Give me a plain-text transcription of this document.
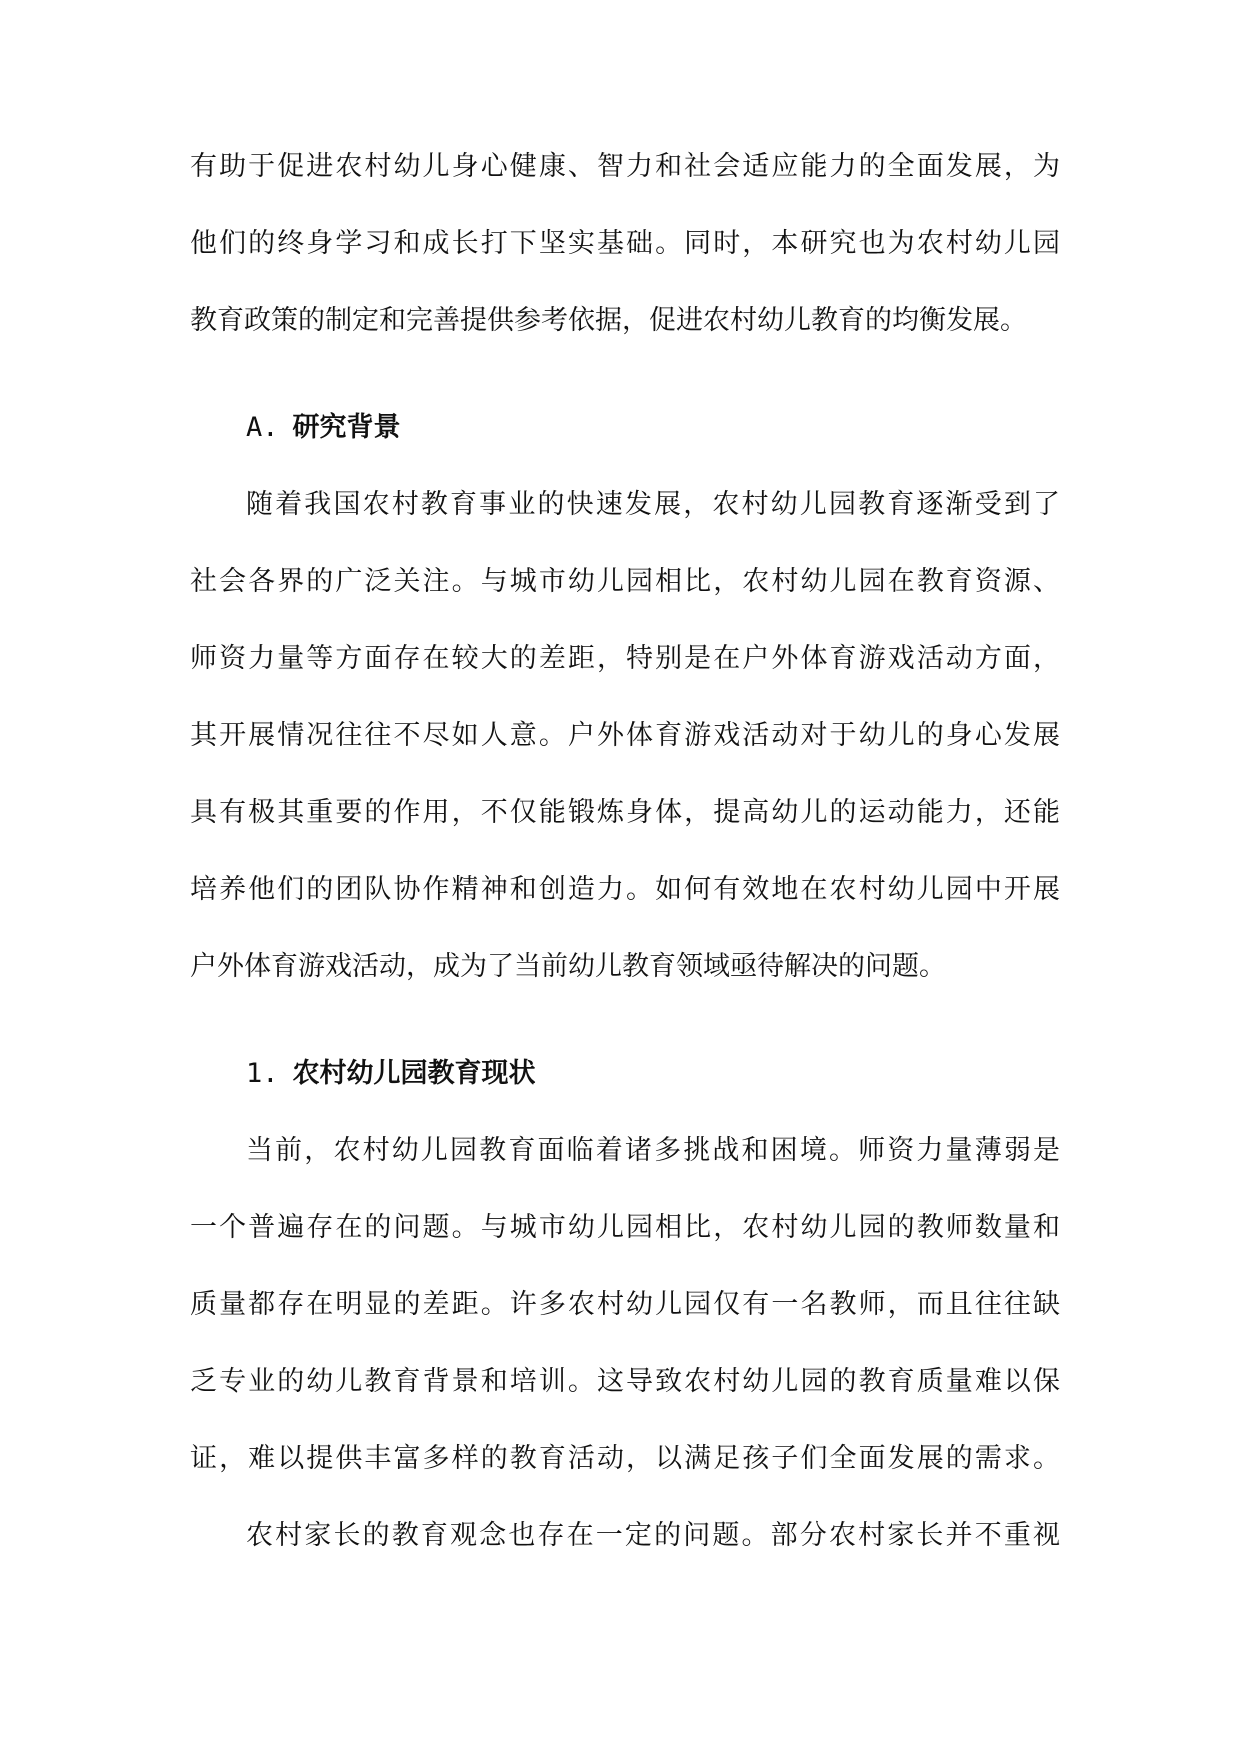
有助于促进农村幼儿身心健康、智力和社会适应能力的全面发展，为
他们的终身学习和成长打下坚实基础。同时，本研究也为农村幼儿园
教育政策的制定和完善提供参考依据，促进农村幼儿教育的均衡发展。
A. 研究背景
随着我国农村教育事业的快速发展，农村幼儿园教育逐渐受到了
社会各界的广泛关注。与城市幼儿园相比，农村幼儿园在教育资源、
师资力量等方面存在较大的差距，特别是在户外体育游戏活动方面，
其开展情况往往不尽如人意。户外体育游戏活动对于幼儿的身心发展
具有极其重要的作用，不仅能锻炼身体，提高幼儿的运动能力，还能
培养他们的团队协作精神和创造力。如何有效地在农村幼儿园中开展
户外体育游戏活动，成为了当前幼儿教育领域亟待解决的问题。
1. 农村幼儿园教育现状
当前，农村幼儿园教育面临着诸多挑战和困境。师资力量薄弱是
一个普遍存在的问题。与城市幼儿园相比，农村幼儿园的教师数量和
质量都存在明显的差距。许多农村幼儿园仅有一名教师，而且往往缺
乏专业的幼儿教育背景和培训。这导致农村幼儿园的教育质量难以保
证，难以提供丰富多样的教育活动，以满足孩子们全面发展的需求。
农村家长的教育观念也存在一定的问题。部分农村家长并不重视
